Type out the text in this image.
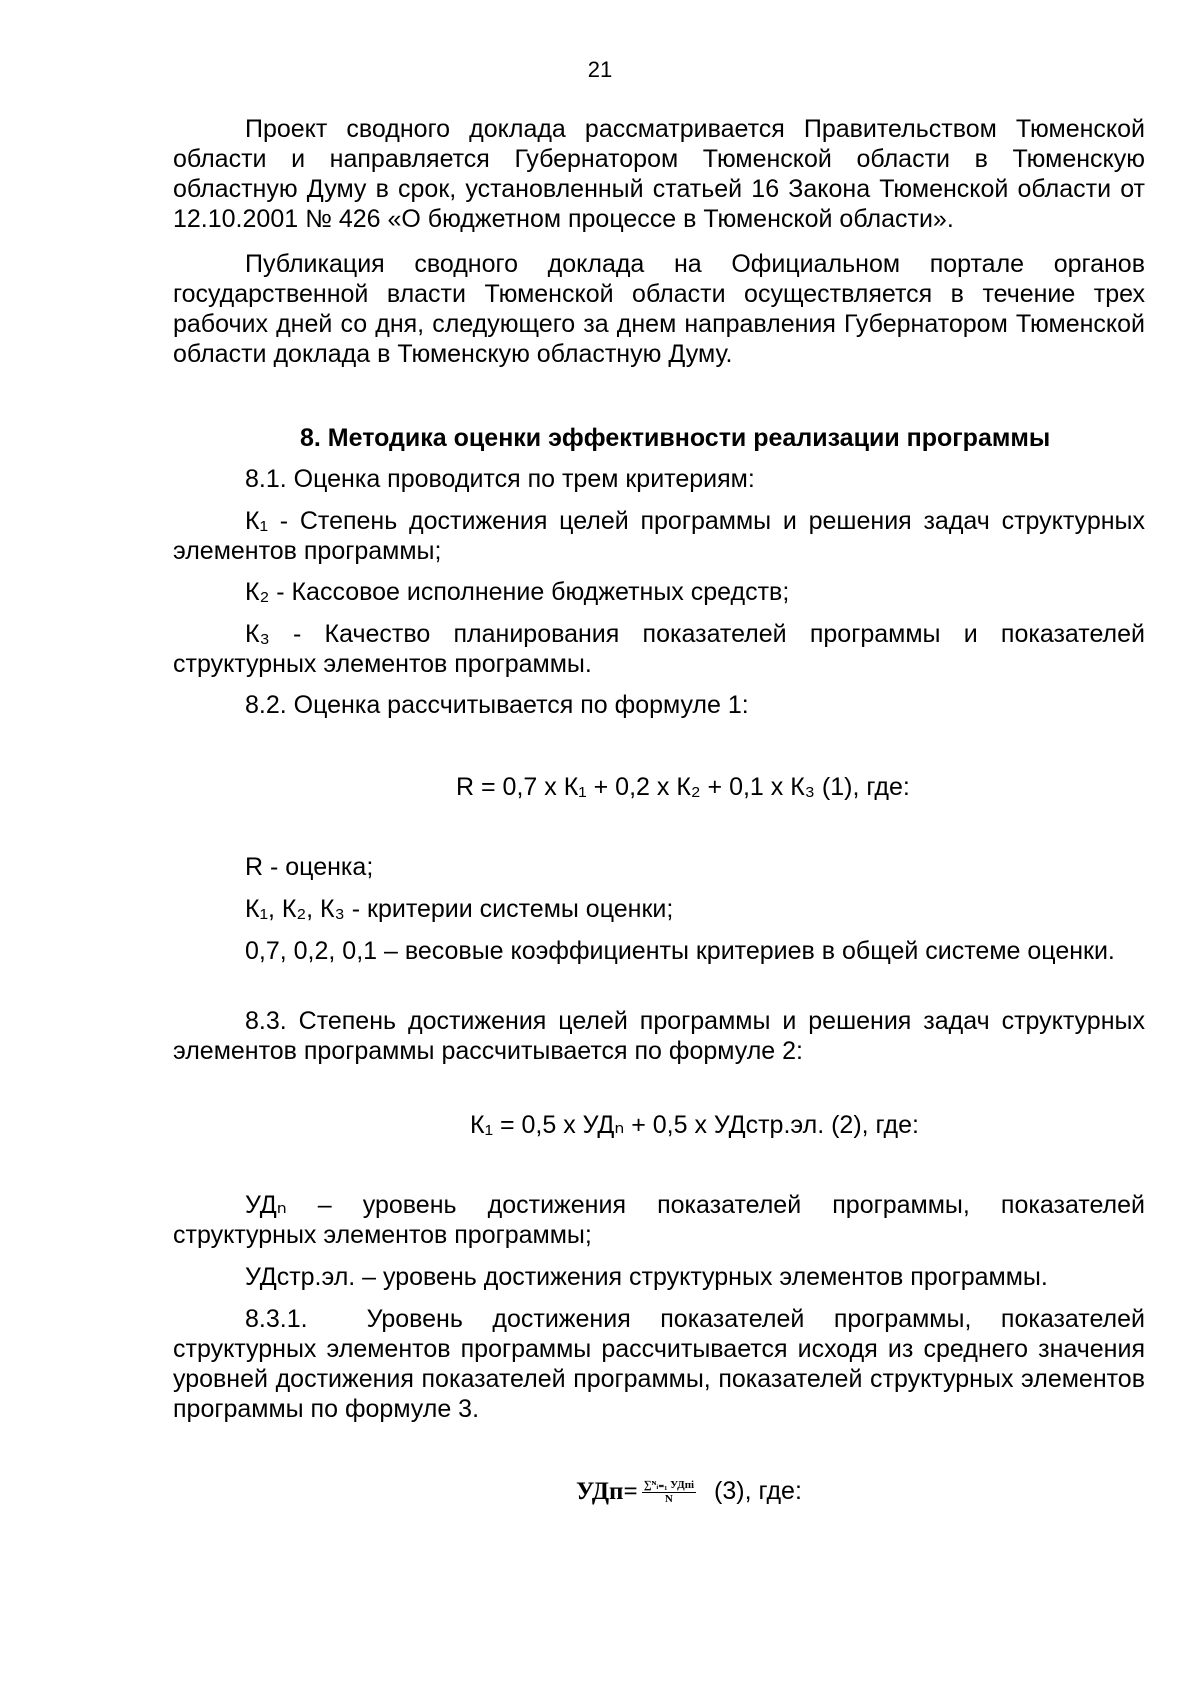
21
Проект сводного доклада рассматривается Правительством Тюменской области и направляется Губернатором Тюменской области в Тюменскую областную Думу в срок, установленный статьей 16 Закона Тюменской области от 12.10.2001 № 426 «О бюджетном процессе в Тюменской области».
Публикация сводного доклада на Официальном портале органов государственной власти Тюменской области осуществляется в течение трех рабочих дней со дня, следующего за днем направления Губернатором Тюменской области доклада в Тюменскую областную Думу.
8. Методика оценки эффективности реализации программы
8.1. Оценка проводится по трем критериям:
К₁ - Степень достижения целей программы и решения задач структурных элементов программы;
К₂ - Кассовое исполнение бюджетных средств;
К₃ - Качество планирования показателей программы и показателей структурных элементов программы.
8.2. Оценка рассчитывается по формуле 1:
R = 0,7 х К₁ + 0,2 х К₂ + 0,1 х К₃ (1), где:
R - оценка;
К₁, К₂, К₃ - критерии системы оценки;
0,7, 0,2, 0,1 – весовые коэффициенты критериев в общей системе оценки.
8.3. Степень достижения целей программы и решения задач структурных элементов программы рассчитывается по формуле 2:
К₁ = 0,5 х УДₙ + 0,5 х УДстр.эл. (2), где:
УДₙ – уровень достижения показателей программы, показателей структурных элементов программы;
УДстр.эл. – уровень достижения структурных элементов программы.
8.3.1.  Уровень достижения показателей программы, показателей структурных элементов программы рассчитывается исходя из среднего значения уровней достижения показателей программы, показателей структурных элементов программы по формуле 3.
$УДп= \frac{\text{∑ᴺᵢ₌₁ УДпi}}{N} (3)$, где:
